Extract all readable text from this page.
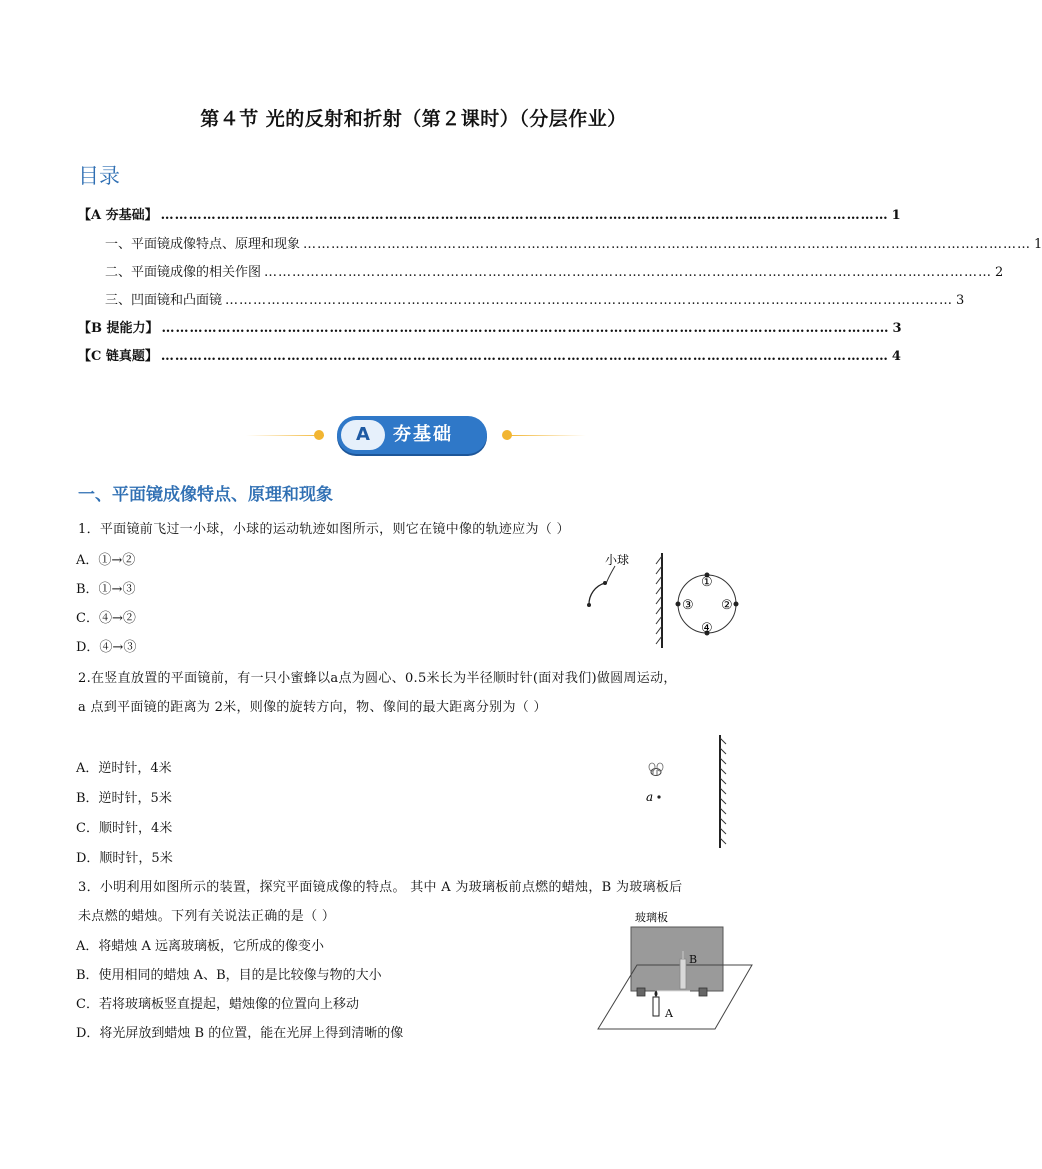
第４节 光的反射和折射（第２课时）（分层作业）
目录
【A 夯基础】 ………………………………………………………………………………………………………………………………………… 1
一、平面镜成像特点、原理和现象 ………………………………………………………………………………………………………………………………………… 1
二、平面镜成像的相关作图 ………………………………………………………………………………………………………………………………………… 2
三、凹面镜和凸面镜 ………………………………………………………………………………………………………………………………………… 3
【B 提能力】 ………………………………………………………………………………………………………………………………………… 3
【C 链真题】 ………………………………………………………………………………………………………………………………………… 4
A	夯基础
一、平面镜成像特点、原理和现象
1．平面镜前飞过一小球，小球的运动轨迹如图所示，则它在镜中像的轨迹应为（ ）
A．①→②
B．①→③
C．④→②
D．④→③
小球
①
②
③
④
2.在竖直放置的平面镜前，有一只小蜜蜂以a点为圆心、0.5米长为半径顺时针(面对我们)做圆周运动，
a 点到平面镜的距离为 2米，则像的旋转方向，物、像间的最大距离分别为（ ）
A．逆时针，4米
B．逆时针，5米
C．顺时针，4米
D．顺时针，5米
a
3．小明利用如图所示的装置，探究平面镜成像的特点。 其中 A 为玻璃板前点燃的蜡烛，B 为玻璃板后
未点燃的蜡烛。下列有关说法正确的是（ ）
A．将蜡烛 A 远离玻璃板，它所成的像变小
B．使用相同的蜡烛 A、B，目的是比较像与物的大小
C．若将玻璃板竖直提起，蜡烛像的位置向上移动
D．将光屏放到蜡烛 B 的位置，能在光屏上得到清晰的像
玻璃板
B
A
